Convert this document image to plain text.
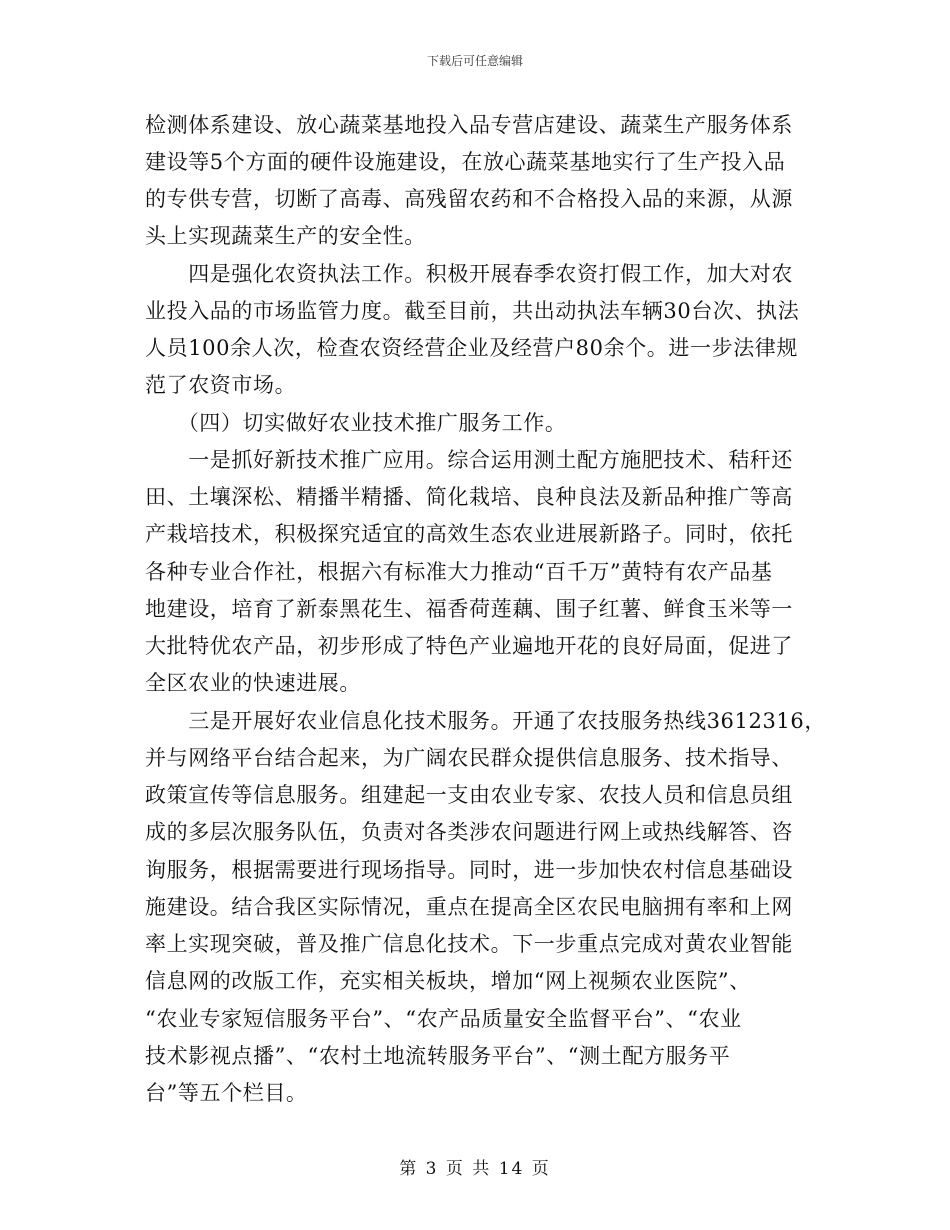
下载后可任意编辑
检测体系建设、放心蔬菜基地投入品专营店建设、蔬菜生产服务体系
建设等5个方面的硬件设施建设，在放心蔬菜基地实行了生产投入品
的专供专营，切断了高毒、高残留农药和不合格投入品的来源，从源
头上实现蔬菜生产的安全性。
　　四是强化农资执法工作。积极开展春季农资打假工作，加大对农
业投入品的市场监管力度。截至目前，共出动执法车辆30台次、执法
人员100余人次，检查农资经营企业及经营户80余个。进一步法律规
范了农资市场。
　　（四）切实做好农业技术推广服务工作。
　　一是抓好新技术推广应用。综合运用测土配方施肥技术、秸秆还
田、土壤深松、精播半精播、简化栽培、良种良法及新品种推广等高
产栽培技术，积极探究适宜的高效生态农业进展新路子。同时，依托
各种专业合作社，根据六有标准大力推动“百千万”黄特有农产品基
地建设，培育了新泰黑花生、福香荷莲藕、围子红薯、鲜食玉米等一
大批特优农产品，初步形成了特色产业遍地开花的良好局面，促进了
全区农业的快速进展。
　　三是开展好农业信息化技术服务。开通了农技服务热线3612316，
并与网络平台结合起来，为广阔农民群众提供信息服务、技术指导、
政策宣传等信息服务。组建起一支由农业专家、农技人员和信息员组
成的多层次服务队伍，负责对各类涉农问题进行网上或热线解答、咨
询服务，根据需要进行现场指导。同时，进一步加快农村信息基础设
施建设。结合我区实际情况，重点在提高全区农民电脑拥有率和上网
率上实现突破，普及推广信息化技术。下一步重点完成对黄农业智能
信息网的改版工作，充实相关板块，增加“网上视频农业医院”、
“农业专家短信服务平台”、“农产品质量安全监督平台”、“农业
技术影视点播”、“农村土地流转服务平台”、“测土配方服务平
台”等五个栏目。
第 3 页 共 14 页
